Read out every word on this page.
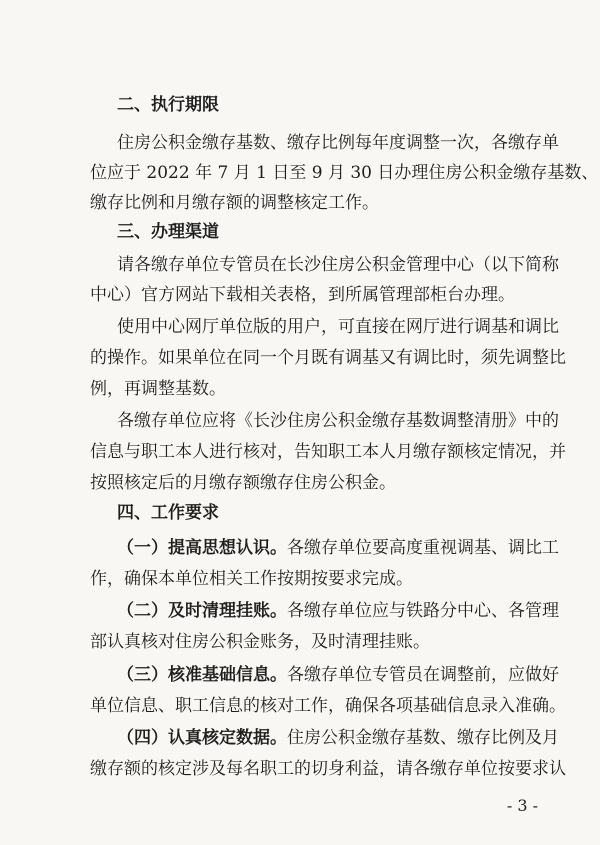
二、执行期限
住房公积金缴存基数、缴存比例每年度调整一次，各缴存单
位应于 2022 年 7 月 1 日至 9 月 30 日办理住房公积金缴存基数、
缴存比例和月缴存额的调整核定工作。
三、办理渠道
请各缴存单位专管员在长沙住房公积金管理中心（以下简称
中心）官方网站下载相关表格，到所属管理部柜台办理。
使用中心网厅单位版的用户，可直接在网厅进行调基和调比
的操作。如果单位在同一个月既有调基又有调比时，须先调整比
例，再调整基数。
各缴存单位应将《长沙住房公积金缴存基数调整清册》中的
信息与职工本人进行核对，告知职工本人月缴存额核定情况，并
按照核定后的月缴存额缴存住房公积金。
四、工作要求
（一）提高思想认识。各缴存单位要高度重视调基、调比工
作，确保本单位相关工作按期按要求完成。
（二）及时清理挂账。各缴存单位应与铁路分中心、各管理
部认真核对住房公积金账务，及时清理挂账。
（三）核准基础信息。各缴存单位专管员在调整前，应做好
单位信息、职工信息的核对工作，确保各项基础信息录入准确。
（四）认真核定数据。住房公积金缴存基数、缴存比例及月
缴存额的核定涉及每名职工的切身利益，请各缴存单位按要求认
- 3 -
